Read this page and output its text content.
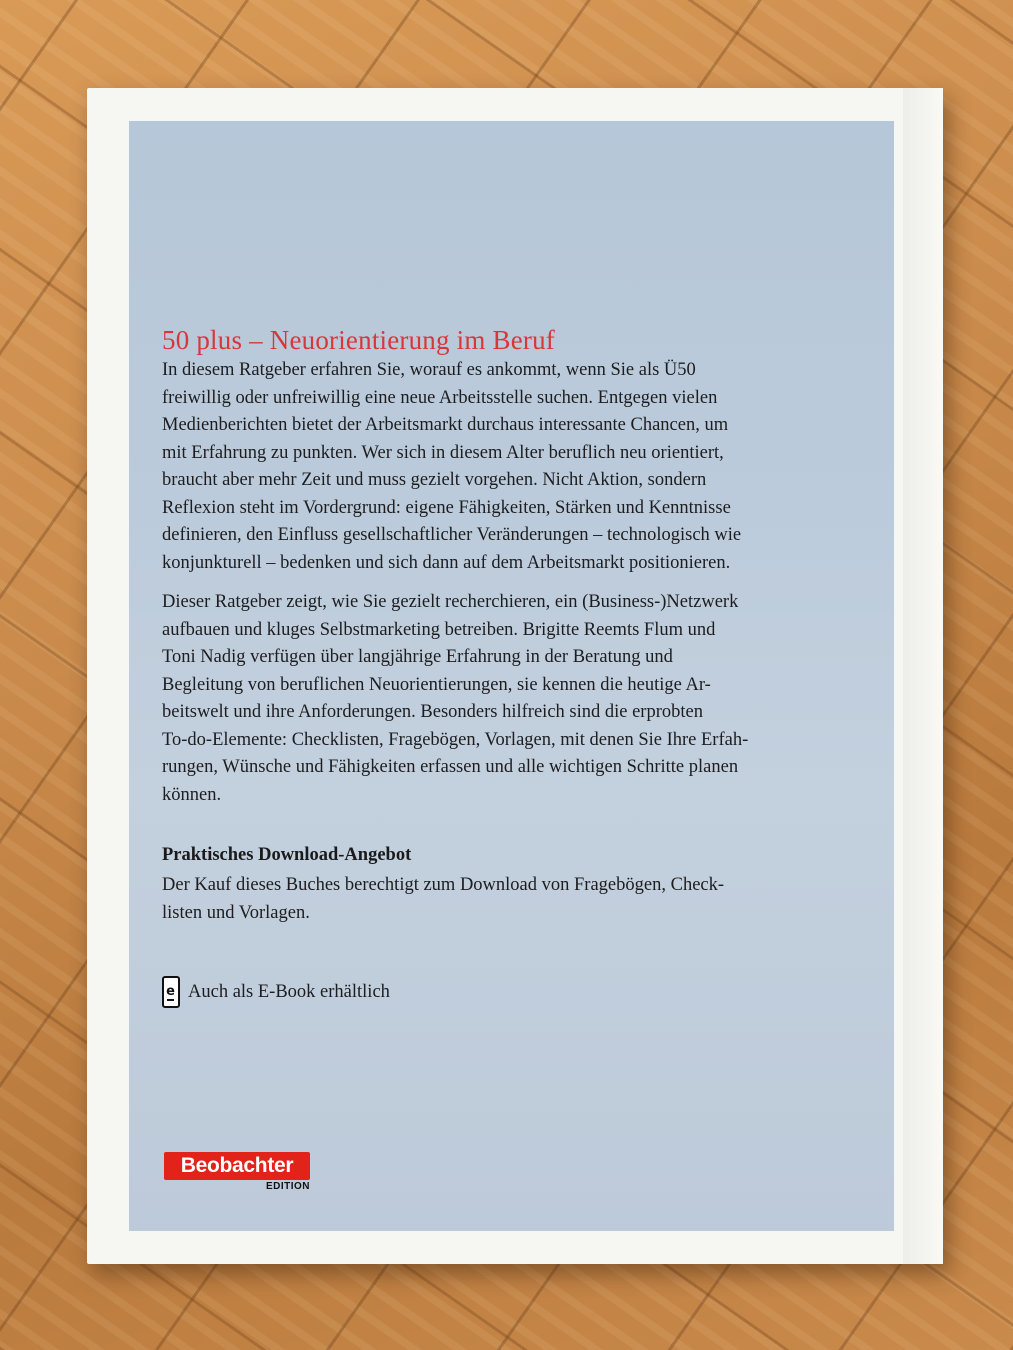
50 plus – Neuorientierung im Beruf

In diesem Ratgeber erfahren Sie, worauf es ankommt, wenn Sie als Ü50
freiwillig oder unfreiwillig eine neue Arbeitsstelle suchen. Entgegen vielen
Medienberichten bietet der Arbeitsmarkt durchaus interessante Chancen, um
mit Erfahrung zu punkten. Wer sich in diesem Alter beruflich neu orientiert,
braucht aber mehr Zeit und muss gezielt vorgehen. Nicht Aktion, sondern
Reflexion steht im Vordergrund: eigene Fähigkeiten, Stärken und Kenntnisse
definieren, den Einfluss gesellschaftlicher Veränderungen – technologisch wie
konjunkturell – bedenken und sich dann auf dem Arbeitsmarkt positionieren.

Dieser Ratgeber zeigt, wie Sie gezielt recherchieren, ein (Business-)Netzwerk
aufbauen und kluges Selbstmarketing betreiben. Brigitte Reemts Flum und
Toni Nadig verfügen über langjährige Erfahrung in der Beratung und
Begleitung von beruflichen Neuorientierungen, sie kennen die heutige Ar-
beitswelt und ihre Anforderungen. Besonders hilfreich sind die erprobten
To-do-Elemente: Checklisten, Fragebögen, Vorlagen, mit denen Sie Ihre Erfah-
rungen, Wünsche und Fähigkeiten erfassen und alle wichtigen Schritte planen
können.

Praktisches Download-Angebot

Der Kauf dieses Buches berechtigt zum Download von Fragebögen, Check-
listen und Vorlagen.

e Auch als E-Book erhältlich
Beobachter
EDITION
